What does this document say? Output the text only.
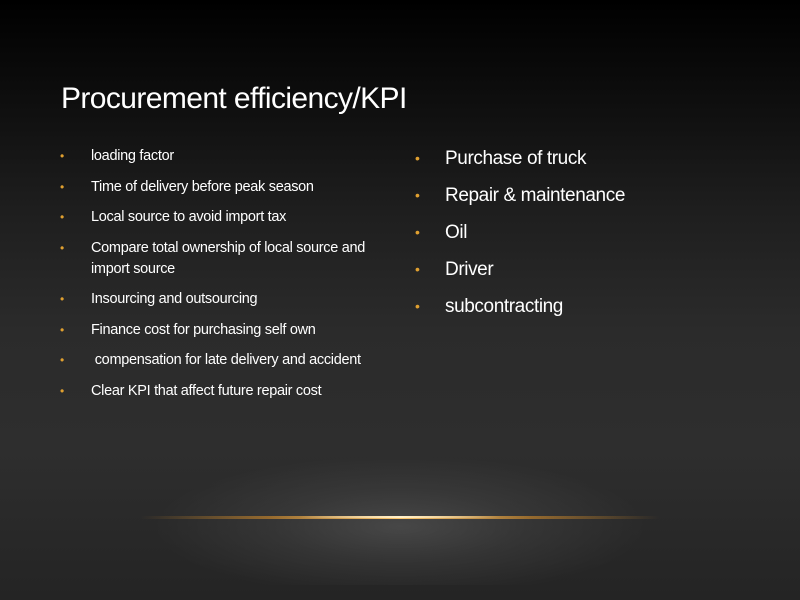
Procurement efficiency/KPI
• loading factor
• Time of delivery before peak season
• Local source to avoid import tax
• Compare total ownership of local source and import source
• Insourcing and outsourcing
• Finance cost for purchasing self own
• compensation for late delivery and accident
• Clear KPI that affect future repair cost
• Purchase of truck
• Repair & maintenance
• Oil
• Driver
• subcontracting
